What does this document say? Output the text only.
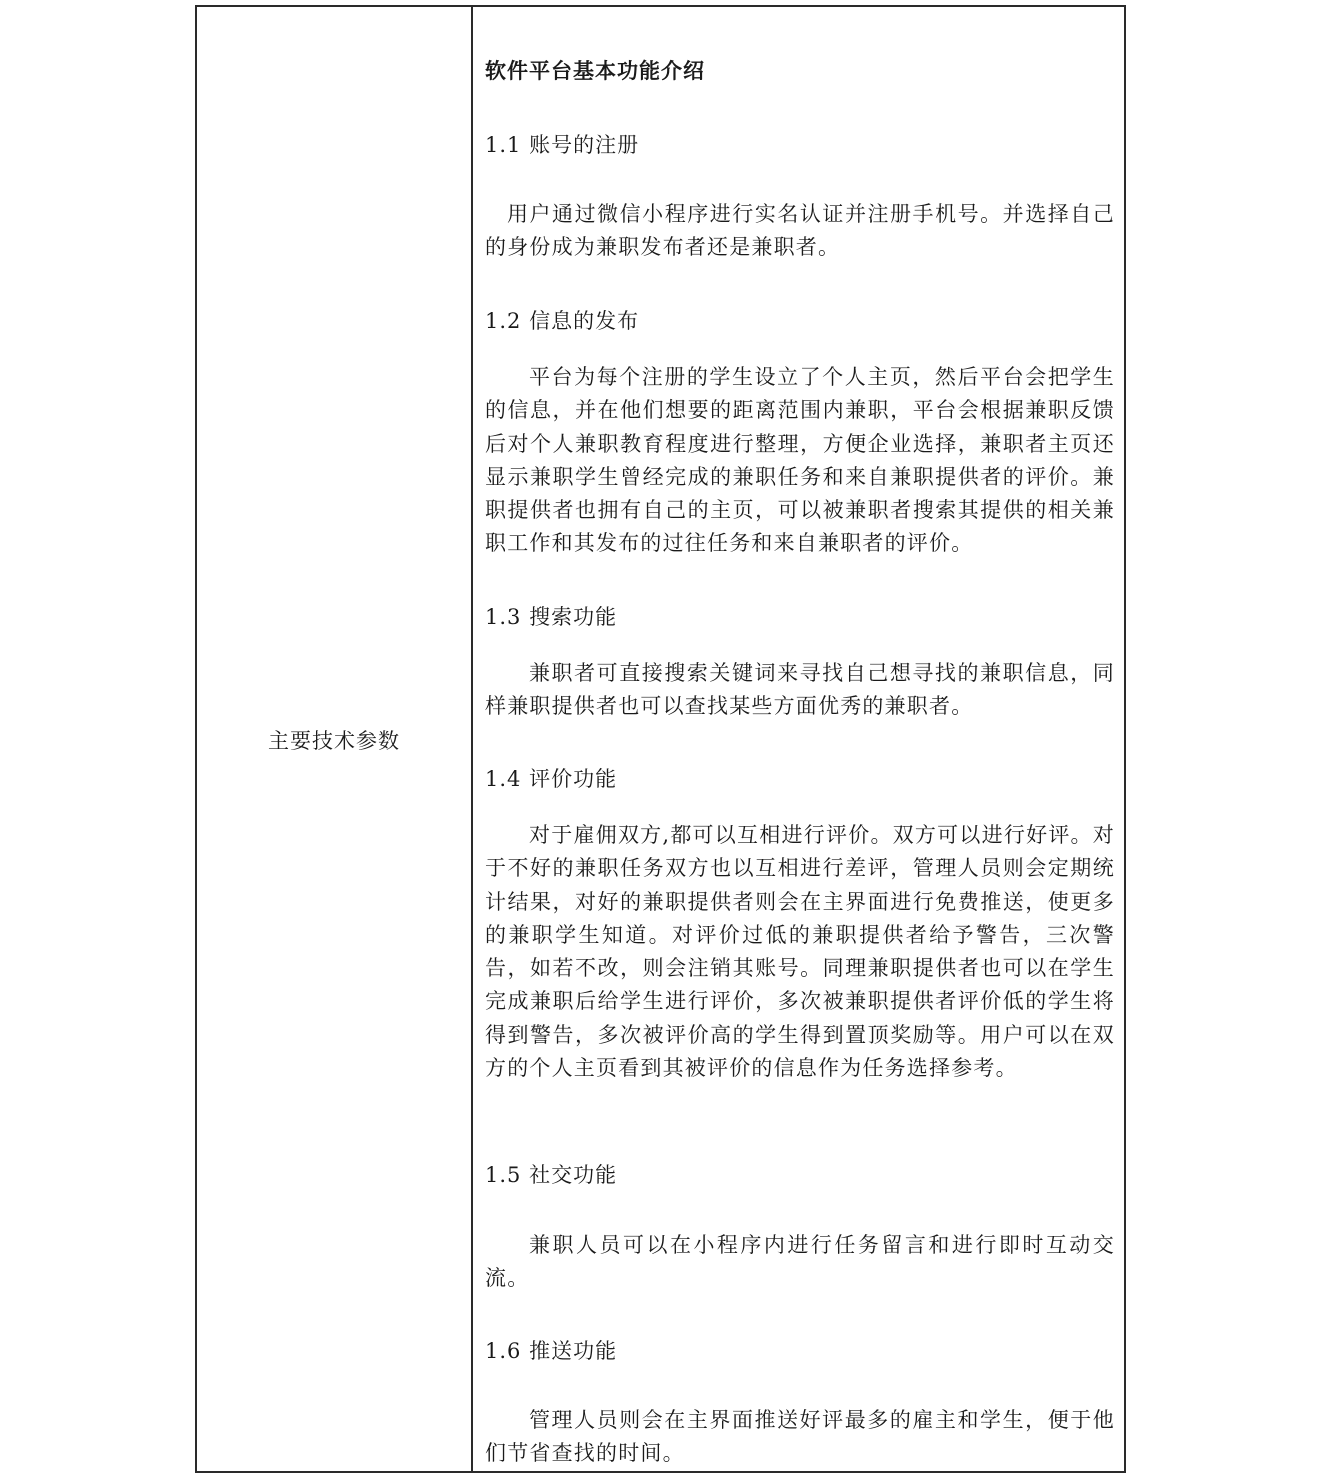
主要技术参数
软件平台基本功能介绍
1.1 账号的注册

用户通过微信小程序进行实名认证并注册手机号。并选择自己的身份成为兼职发布者还是兼职者。

1.2 信息的发布

平台为每个注册的学生设立了个人主页，然后平台会把学生的信息，并在他们想要的距离范围内兼职，平台会根据兼职反馈后对个人兼职教育程度进行整理，方便企业选择，兼职者主页还显示兼职学生曾经完成的兼职任务和来自兼职提供者的评价。兼职提供者也拥有自己的主页，可以被兼职者搜索其提供的相关兼职工作和其发布的过往任务和来自兼职者的评价。

1.3 搜索功能

兼职者可直接搜索关键词来寻找自己想寻找的兼职信息，同样兼职提供者也可以查找某些方面优秀的兼职者。

1.4 评价功能

对于雇佣双方,都可以互相进行评价。双方可以进行好评。对于不好的兼职任务双方也以互相进行差评，管理人员则会定期统计结果，对好的兼职提供者则会在主界面进行免费推送，使更多的兼职学生知道。对评价过低的兼职提供者给予警告，三次警告，如若不改，则会注销其账号。同理兼职提供者也可以在学生完成兼职后给学生进行评价，多次被兼职提供者评价低的学生将得到警告，多次被评价高的学生得到置顶奖励等。用户可以在双方的个人主页看到其被评价的信息作为任务选择参考。

1.5 社交功能

兼职人员可以在小程序内进行任务留言和进行即时互动交流。

1.6 推送功能

管理人员则会在主界面推送好评最多的雇主和学生，便于他们节省查找的时间。
